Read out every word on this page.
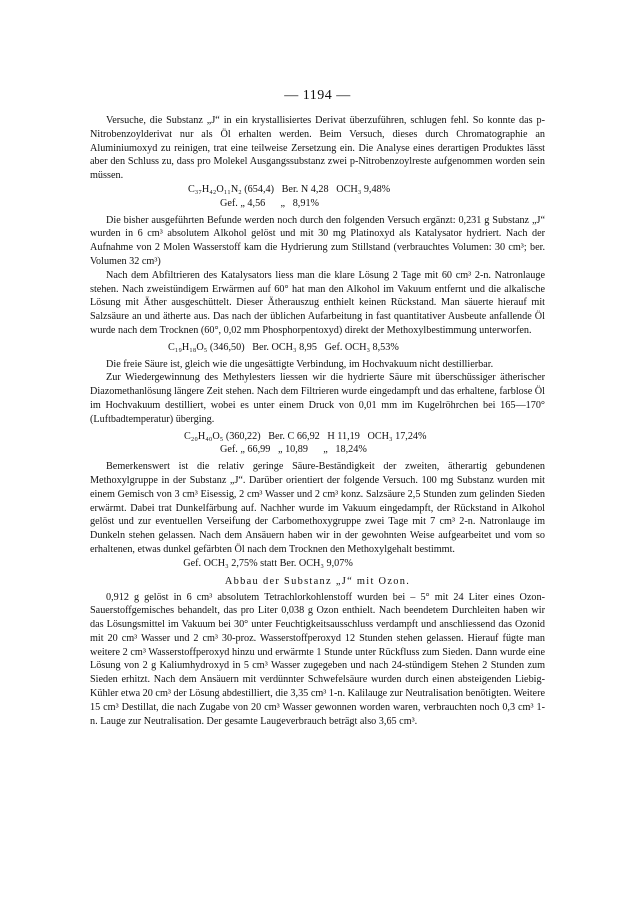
— 1194 —

Versuche, die Substanz „J“ in ein krystallisiertes Derivat überzuführen, schlugen fehl. So konnte das p-Nitrobenzoylderivat nur als Öl erhalten werden. Beim Versuch, dieses durch Chromatographie an Aluminiumoxyd zu reinigen, trat eine teilweise Zersetzung ein. Die Analyse eines derartigen Produktes lässt aber den Schluss zu, dass pro Molekel Ausgangssubstanz zwei p-Nitrobenzoylreste aufgenommen worden sein müssen.

C₃₇H₄₂O₁₁N₂ (654,4)   Ber. N 4,28   OCH₃ 9,48%
Gef. „ 4,56      „   8,91%

Die bisher ausgeführten Befunde werden noch durch den folgenden Versuch ergänzt: 0,231 g Substanz „J“ wurden in 6 cm³ absolutem Alkohol gelöst und mit 30 mg Platinoxyd als Katalysator hydriert. Nach der Aufnahme von 2 Molen Wasserstoff kam die Hydrierung zum Stillstand (verbrauchtes Volumen: 30 cm³; ber. Volumen 32 cm³)

Nach dem Abfiltrieren des Katalysators liess man die klare Lösung 2 Tage mit 60 cm³ 2-n. Natronlauge stehen. Nach zweistündigem Erwärmen auf 60° hat man den Alkohol im Vakuum entfernt und die alkalische Lösung mit Äther ausgeschüttelt. Dieser Ätherauszug enthielt keinen Rückstand. Man säuerte hierauf mit Salzsäure an und ätherte aus. Das nach der üblichen Aufarbeitung in fast quantitativer Ausbeute anfallende Öl wurde nach dem Trocknen (60°, 0,02 mm Phosphorpentoxyd) direkt der Methoxylbestimmung unterworfen.

C₁₉H₁₈O₅ (346,50)   Ber. OCH₃ 8,95   Gef. OCH₃ 8,53%

Die freie Säure ist, gleich wie die ungesättigte Verbindung, im Hochvakuum nicht destillierbar.

Zur Wiedergewinnung des Methylesters liessen wir die hydrierte Säure mit überschüssiger ätherischer Diazomethanlösung längere Zeit stehen. Nach dem Filtrieren wurde eingedampft und das erhaltene, farblose Öl im Hochvakuum destilliert, wobei es unter einem Druck von 0,01 mm im Kugelröhrchen bei 165—170° (Luftbadtemperatur) überging.

C₂₀H₄₀O₅ (360,22)   Ber. C 66,92   H 11,19   OCH₃ 17,24%
Gef. „ 66,99   „ 10,89      „   18,24%

Bemerkenswert ist die relativ geringe Säure-Beständigkeit der zweiten, ätherartig gebundenen Methoxylgruppe in der Substanz „J“. Darüber orientiert der folgende Versuch. 100 mg Substanz wurden mit einem Gemisch von 3 cm³ Eisessig, 2 cm³ Wasser und 2 cm³ konz. Salzsäure 2,5 Stunden zum gelinden Sieden erwärmt. Dabei trat Dunkelfärbung auf. Nachher wurde im Vakuum eingedampft, der Rückstand in Alkohol gelöst und zur eventuellen Verseifung der Carbomethoxygruppe zwei Tage mit 7 cm³ 2-n. Natronlauge im Dunkeln stehen gelassen. Nach dem Ansäuern haben wir in der gewohnten Weise aufgearbeitet und vom so erhaltenen, etwas dunkel gefärbten Öl nach dem Trocknen den Methoxylgehalt bestimmt.

Gef. OCH₃ 2,75% statt Ber. OCH₃ 9,07%
Abbau der Substanz „J“ mit Ozon.

0,912 g gelöst in 6 cm³ absolutem Tetrachlorkohlenstoff wurden bei – 5° mit 24 Liter eines Ozon-Sauerstoffgemisches behandelt, das pro Liter 0,038 g Ozon enthielt. Nach beendetem Durchleiten haben wir das Lösungsmittel im Vakuum bei 30° unter Feuchtigkeitsausschluss verdampft und anschliessend das Ozonid mit 20 cm³ Wasser und 2 cm³ 30-proz. Wasserstoffperoxyd 12 Stunden stehen gelassen. Hierauf fügte man weitere 2 cm³ Wasserstoffperoxyd hinzu und erwärmte 1 Stunde unter Rückfluss zum Sieden. Dann wurde eine Lösung von 2 g Kaliumhydroxyd in 5 cm³ Wasser zugegeben und nach 24-stündigem Stehen 2 Stunden zum Sieden erhitzt. Nach dem Ansäuern mit verdünnter Schwefelsäure wurden durch einen absteigenden Liebig-Kühler etwa 20 cm³ der Lösung abdestilliert, die 3,35 cm³ 1-n. Kalilauge zur Neutralisation benötigten. Weitere 15 cm³ Destillat, die nach Zugabe von 20 cm³ Wasser gewonnen worden waren, verbrauchten noch 0,3 cm³ 1-n. Lauge zur Neutralisation. Der gesamte Laugeverbrauch beträgt also 3,65 cm³.
